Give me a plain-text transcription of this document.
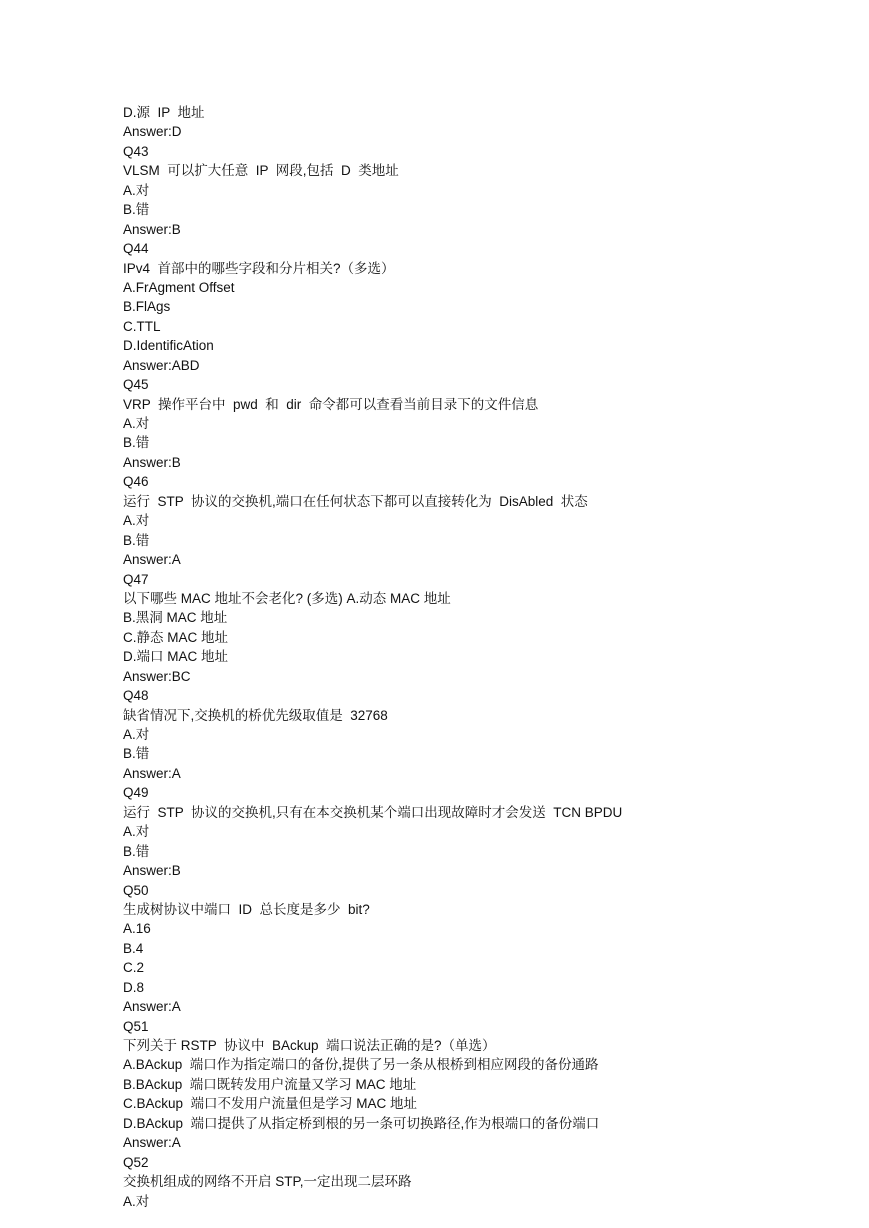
D.源  IP  地址
Answer:D
Q43
VLSM  可以扩大任意  IP  网段,包括  D  类地址
A.对
B.错
Answer:B
Q44
IPv4  首部中的哪些字段和分片相关?（多选）
A.FrAgment Offset
B.FlAgs
C.TTL
D.IdentificAtion
Answer:ABD
Q45
VRP  操作平台中  pwd  和  dir  命令都可以查看当前目录下的文件信息
A.对
B.错
Answer:B
Q46
运行  STP  协议的交换机,端口在任何状态下都可以直接转化为  DisAbled  状态
A.对
B.错
Answer:A
Q47
以下哪些 MAC 地址不会老化? (多选) A.动态 MAC 地址
B.黑洞 MAC 地址
C.静态 MAC 地址
D.端口 MAC 地址
Answer:BC
Q48
缺省情况下,交换机的桥优先级取值是  32768
A.对
B.错
Answer:A
Q49
运行  STP  协议的交换机,只有在本交换机某个端口出现故障时才会发送  TCN BPDU
A.对
B.错
Answer:B
Q50
生成树协议中端口  ID  总长度是多少  bit?
A.16
B.4
C.2
D.8
Answer:A
Q51
下列关于 RSTP  协议中  BAckup  端口说法正确的是?（单选）
A.BAckup  端口作为指定端口的备份,提供了另一条从根桥到相应网段的备份通路
B.BAckup  端口既转发用户流量又学习 MAC 地址
C.BAckup  端口不发用户流量但是学习 MAC 地址
D.BAckup  端口提供了从指定桥到根的另一条可切换路径,作为根端口的备份端口
Answer:A
Q52
交换机组成的网络不开启 STP,一定出现二层环路
A.对
